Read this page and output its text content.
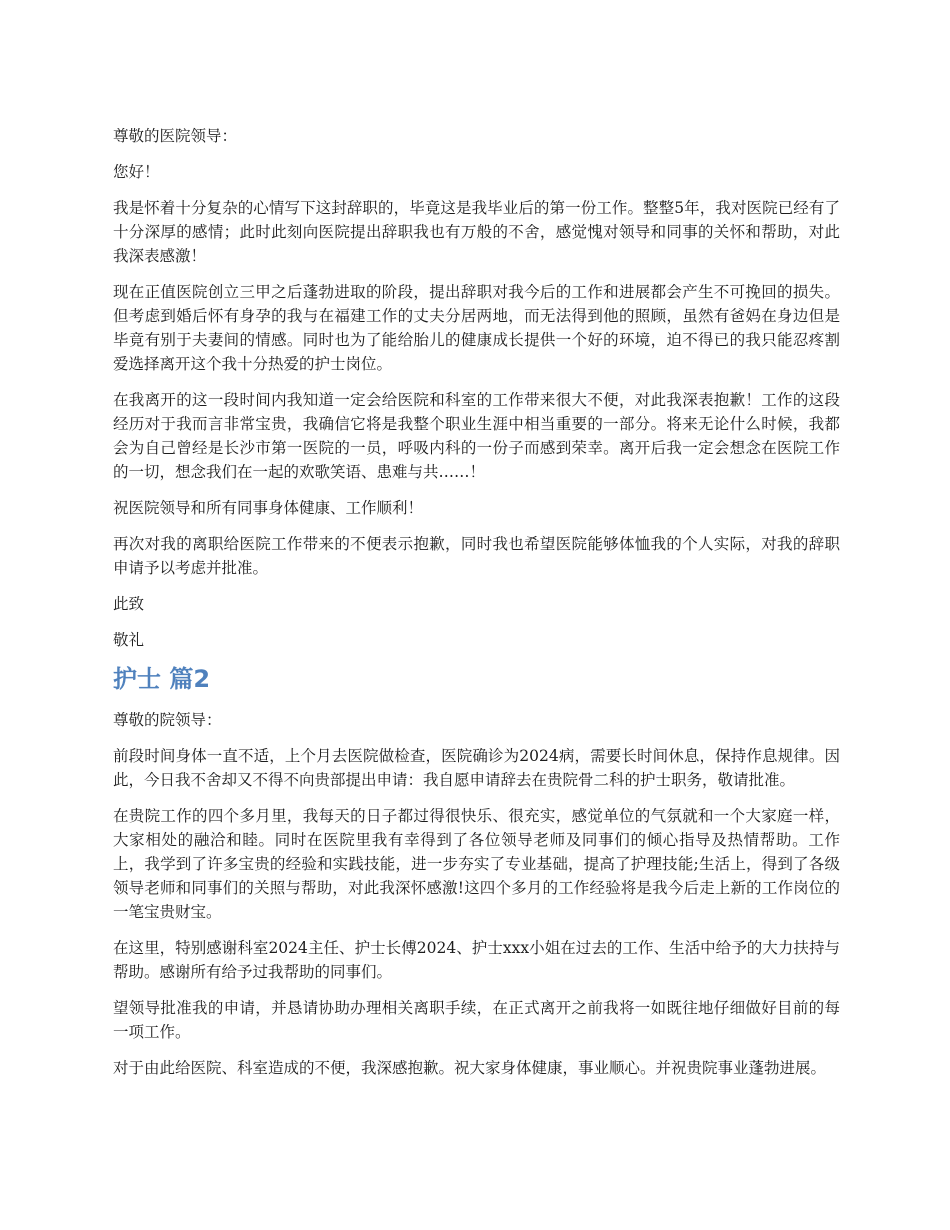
尊敬的医院领导：

您好！

我是怀着十分复杂的心情写下这封辞职的，毕竟这是我毕业后的第一份工作。整整5年，我对医院已经有了十分深厚的感情；此时此刻向医院提出辞职我也有万般的不舍，感觉愧对领导和同事的关怀和帮助，对此我深表感激！

现在正值医院创立三甲之后蓬勃进取的阶段，提出辞职对我今后的工作和进展都会产生不可挽回的损失。但考虑到婚后怀有身孕的我与在福建工作的丈夫分居两地，而无法得到他的照顾，虽然有爸妈在身边但是毕竟有别于夫妻间的情感。同时也为了能给胎儿的健康成长提供一个好的环境，迫不得已的我只能忍疼割爱选择离开这个我十分热爱的护士岗位。

在我离开的这一段时间内我知道一定会给医院和科室的工作带来很大不便，对此我深表抱歉！工作的这段经历对于我而言非常宝贵，我确信它将是我整个职业生涯中相当重要的一部分。将来无论什么时候，我都会为自己曾经是长沙市第一医院的一员，呼吸内科的一份子而感到荣幸。离开后我一定会想念在医院工作的一切，想念我们在一起的欢歌笑语、患难与共……！

祝医院领导和所有同事身体健康、工作顺利！

再次对我的离职给医院工作带来的不便表示抱歉，同时我也希望医院能够体恤我的个人实际，对我的辞职申请予以考虑并批准。

此致

敬礼

护士 篇2

尊敬的院领导：

前段时间身体一直不适，上个月去医院做检查，医院确诊为2024病，需要长时间休息，保持作息规律。因此，今日我不舍却又不得不向贵部提出申请：我自愿申请辞去在贵院骨二科的护士职务，敬请批准。

在贵院工作的四个多月里，我每天的日子都过得很快乐、很充实，感觉单位的气氛就和一个大家庭一样，大家相处的融洽和睦。同时在医院里我有幸得到了各位领导老师及同事们的倾心指导及热情帮助。工作上，我学到了许多宝贵的经验和实践技能，进一步夯实了专业基础，提高了护理技能;生活上，得到了各级领导老师和同事们的关照与帮助，对此我深怀感激!这四个多月的工作经验将是我今后走上新的工作岗位的一笔宝贵财宝。

在这里，特别感谢科室2024主任、护士长傅2024、护士xxx小姐在过去的工作、生活中给予的大力扶持与帮助。感谢所有给予过我帮助的同事们。

望领导批准我的申请，并恳请协助办理相关离职手续，在正式离开之前我将一如既往地仔细做好目前的每一项工作。

对于由此给医院、科室造成的不便，我深感抱歉。祝大家身体健康，事业顺心。并祝贵院事业蓬勃进展。
